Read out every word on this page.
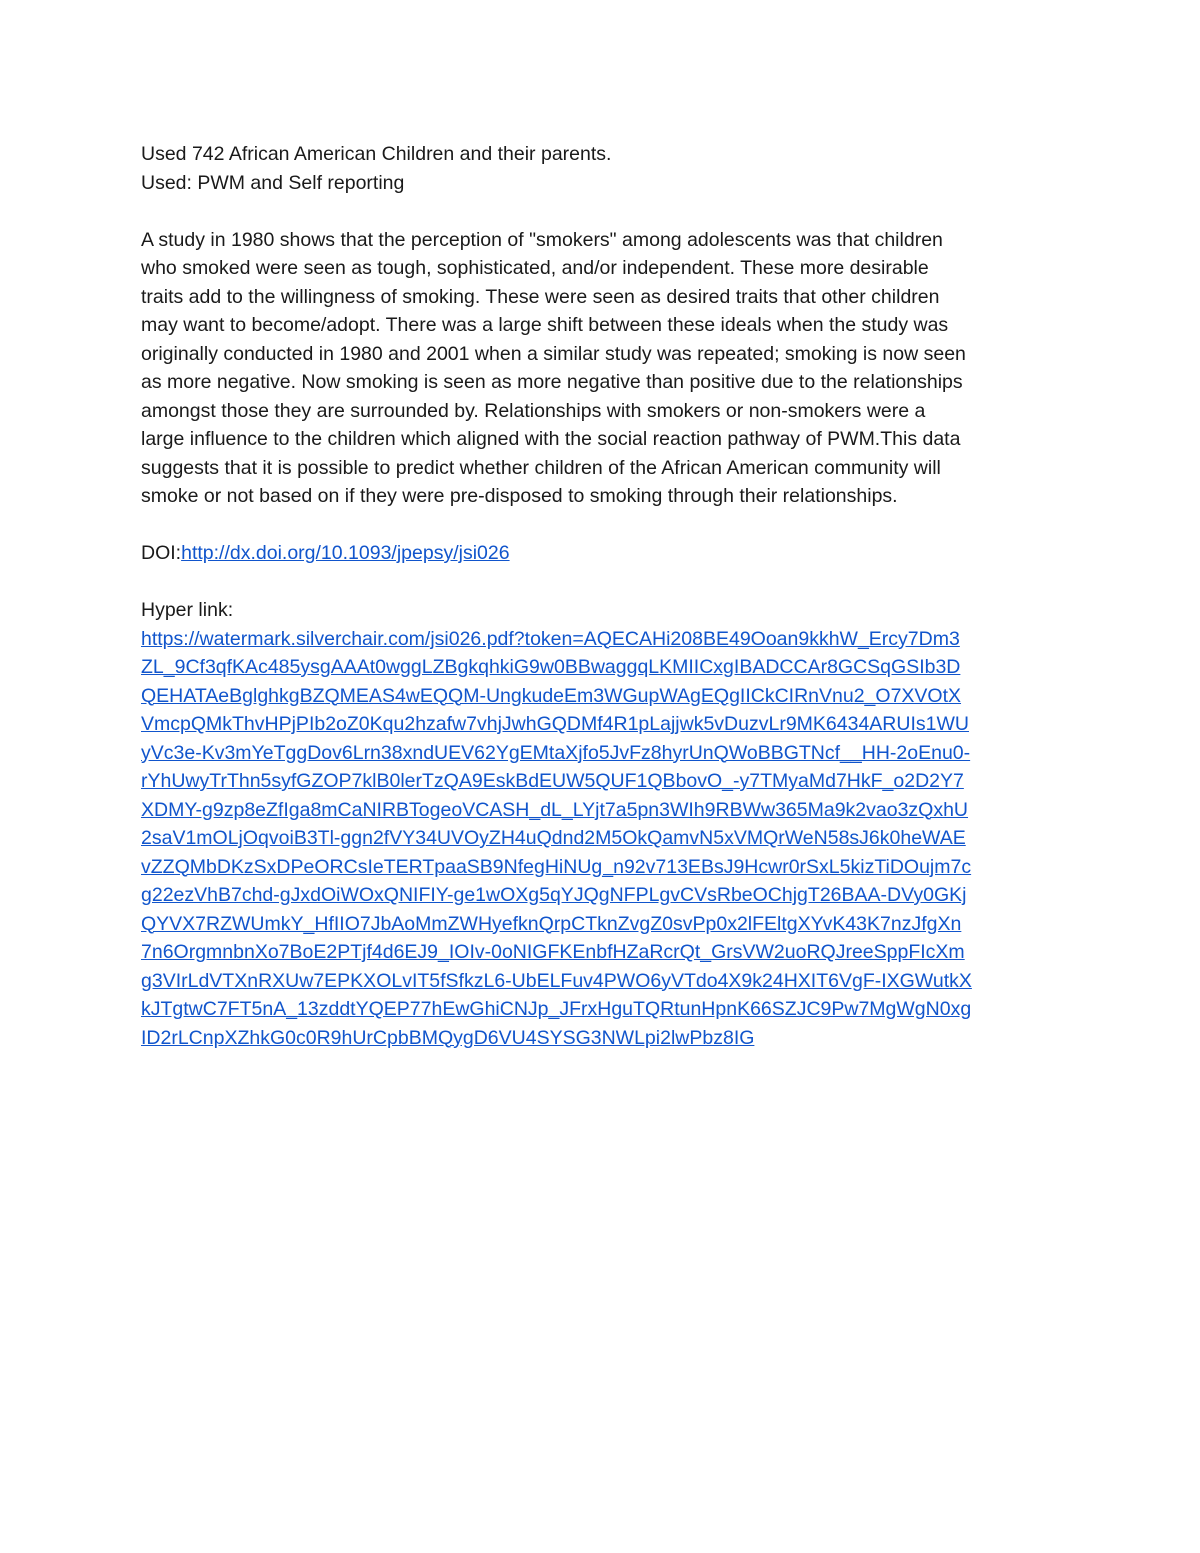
Used 742 African American Children and their parents.
Used: PWM and Self reporting
A study in 1980 shows that the perception of "smokers" among adolescents was that children
who smoked were seen as tough, sophisticated, and/or independent. These more desirable
traits add to the willingness of smoking. These were seen as desired traits that other children
may want to become/adopt. There was a large shift between these ideals when the study was
originally conducted in 1980 and 2001 when a similar study was repeated; smoking is now seen
as more negative. Now smoking is seen as more negative than positive due to the relationships
amongst those they are surrounded by. Relationships with smokers or non-smokers were a
large influence to the children which aligned with the social reaction pathway of PWM.This data
suggests that it is possible to predict whether children of the African American community will
smoke or not based on if they were pre-disposed to smoking through their relationships.
DOI:http://dx.doi.org/10.1093/jpepsy/jsi026
Hyper link:
https://watermark.silverchair.com/jsi026.pdf?token=AQECAHi208BE49Ooan9kkhW_Ercy7Dm3
ZL_9Cf3qfKAc485ysgAAAt0wggLZBgkqhkiG9w0BBwaggqLKMIICxgIBADCCAr8GCSqGSIb3D
QEHATAeBglghkgBZQMEAS4wEQQM-UngkudeEm3WGupWAgEQgIICkCIRnVnu2_O7XVOtX
VmcpQMkThvHPjPIb2oZ0Kqu2hzafw7vhjJwhGQDMf4R1pLajjwk5vDuzvLr9MK6434ARUIs1WU
yVc3e-Kv3mYeTggDov6Lrn38xndUEV62YgEMtaXjfo5JvFz8hyrUnQWoBBGTNcf__HH-2oEnu0-
rYhUwyTrThn5syfGZOP7klB0lerTzQA9EskBdEUW5QUF1QBbovO_-y7TMyaMd7HkF_o2D2Y7
XDMY-g9zp8eZfIga8mCaNIRBTogeoVCASH_dL_LYjt7a5pn3WIh9RBWw365Ma9k2vao3zQxhU
2saV1mOLjOqvoiB3Tl-ggn2fVY34UVOyZH4uQdnd2M5OkQamvN5xVMQrWeN58sJ6k0heWAE
vZZQMbDKzSxDPeORCsIeTERTpaaSB9NfegHiNUg_n92v713EBsJ9Hcwr0rSxL5kizTiDOujm7c
g22ezVhB7chd-gJxdOiWOxQNIFIY-ge1wOXg5qYJQgNFPLgvCVsRbeOChjgT26BAA-DVy0GKj
QYVX7RZWUmkY_HfIIO7JbAoMmZWHyefknQrpCTknZvgZ0svPp0x2lFEltgXYvK43K7nzJfgXn
7n6OrgmnbnXo7BoE2PTjf4d6EJ9_IOIv-0oNIGFKEnbfHZaRcrQt_GrsVW2uoRQJreeSppFIcXm
g3VIrLdVTXnRXUw7EPKXOLvIT5fSfkzL6-UbELFuv4PWO6yVTdo4X9k24HXIT6VgF-IXGWutkX
kJTgtwC7FT5nA_13zddtYQEP77hEwGhiCNJp_JFrxHguTQRtunHpnK66SZJC9Pw7MgWgN0xg
ID2rLCnpXZhkG0c0R9hUrCpbBMQygD6VU4SYSG3NWLpi2lwPbz8IG
